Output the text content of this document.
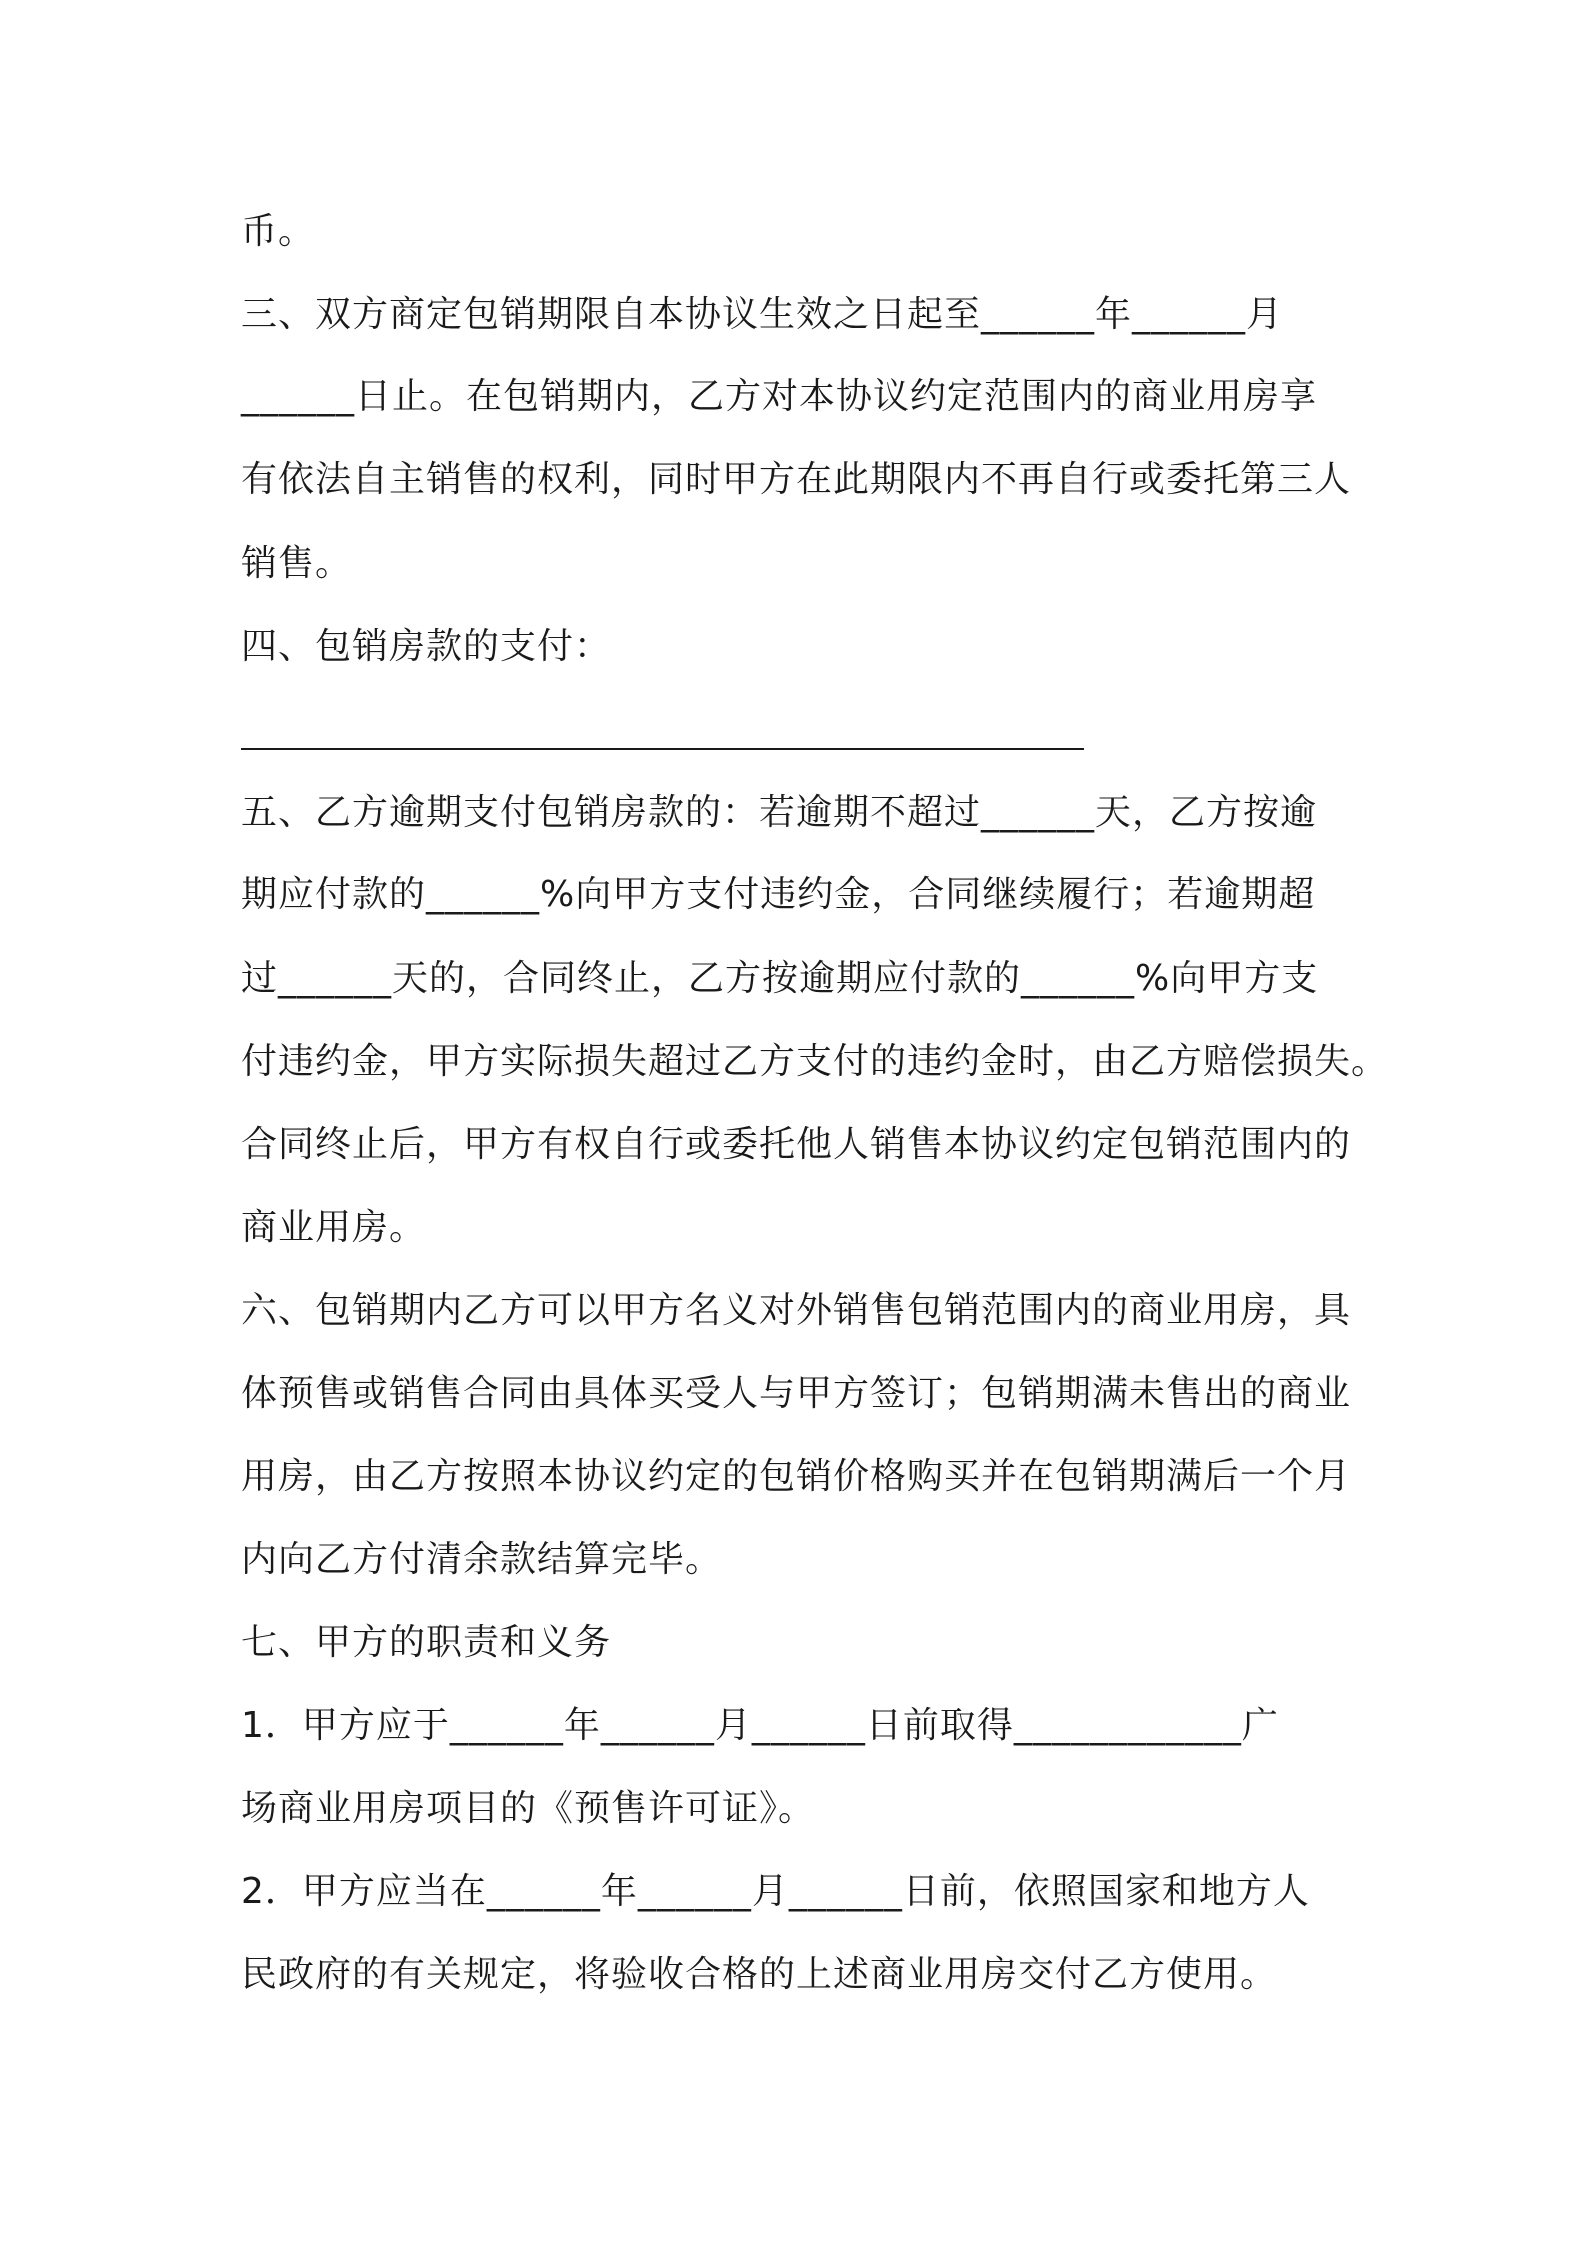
币。
三、双方商定包销期限自本协议生效之日起至______年______月
______日止。在包销期内，乙方对本协议约定范围内的商业用房享
有依法自主销售的权利，同时甲方在此期限内不再自行或委托第三人
销售。
四、包销房款的支付：
五、乙方逾期支付包销房款的：若逾期不超过______天，乙方按逾
期应付款的______%向甲方支付违约金，合同继续履行；若逾期超
过______天的，合同终止，乙方按逾期应付款的______%向甲方支
付违约金，甲方实际损失超过乙方支付的违约金时，由乙方赔偿损失。
合同终止后，甲方有权自行或委托他人销售本协议约定包销范围内的
商业用房。
六、包销期内乙方可以甲方名义对外销售包销范围内的商业用房，具
体预售或销售合同由具体买受人与甲方签订；包销期满未售出的商业
用房，由乙方按照本协议约定的包销价格购买并在包销期满后一个月
内向乙方付清余款结算完毕。
七、甲方的职责和义务
1．甲方应于______年______月______日前取得____________广
场商业用房项目的《预售许可证》。
2．甲方应当在______年______月______日前，依照国家和地方人
民政府的有关规定，将验收合格的上述商业用房交付乙方使用。
